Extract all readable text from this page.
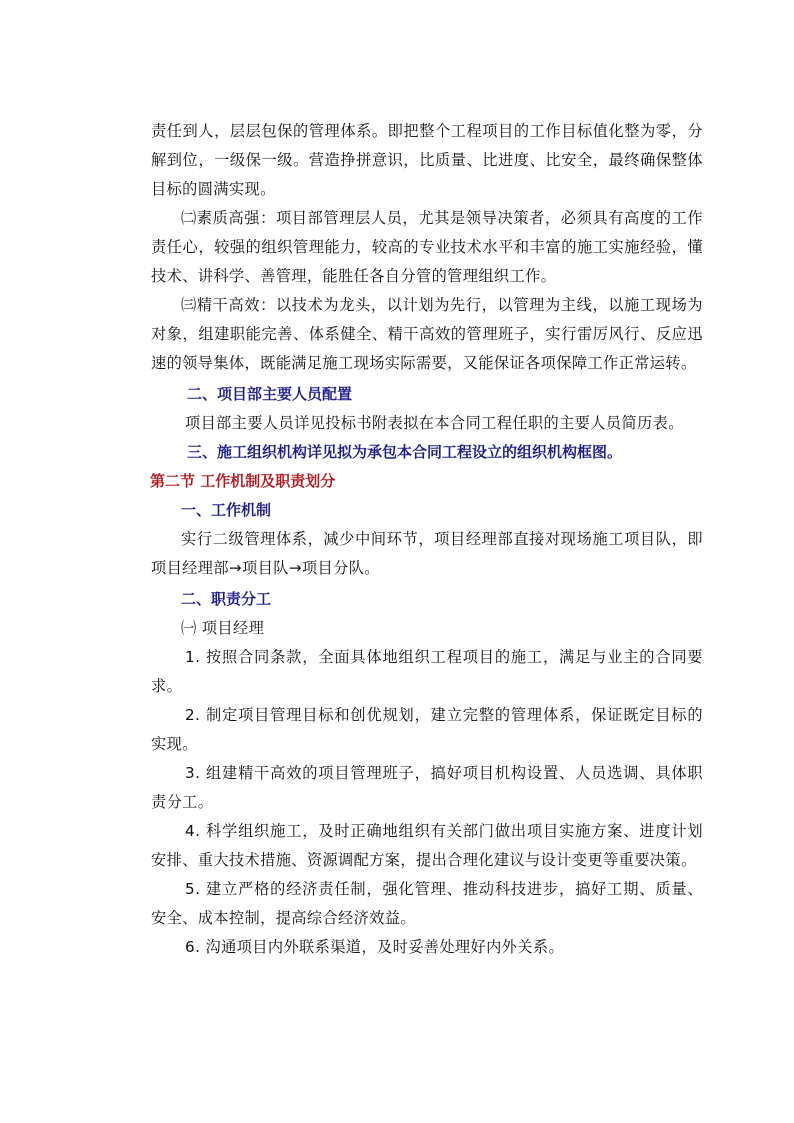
责任到人，层层包保的管理体系。即把整个工程项目的工作目标值化整为零，分解到位，一级保一级。营造挣拼意识，比质量、比进度、比安全，最终确保整体目标的圆满实现。

㈡素质高强：项目部管理层人员，尤其是领导决策者，必须具有高度的工作责任心，较强的组织管理能力，较高的专业技术水平和丰富的施工实施经验，懂技术、讲科学、善管理，能胜任各自分管的管理组织工作。

㈢精干高效：以技术为龙头，以计划为先行，以管理为主线，以施工现场为对象，组建职能完善、体系健全、精干高效的管理班子，实行雷厉风行、反应迅速的领导集体，既能满足施工现场实际需要，又能保证各项保障工作正常运转。

二、项目部主要人员配置

项目部主要人员详见投标书附表拟在本合同工程任职的主要人员简历表。

三、施工组织机构详见拟为承包本合同工程设立的组织机构框图。

第二节 工作机制及职责划分

一、工作机制

实行二级管理体系，减少中间环节，项目经理部直接对现场施工项目队，即项目经理部→项目队→项目分队。

二、职责分工

㈠ 项目经理

1. 按照合同条款，全面具体地组织工程项目的施工，满足与业主的合同要求。

2. 制定项目管理目标和创优规划，建立完整的管理体系，保证既定目标的实现。

3. 组建精干高效的项目管理班子，搞好项目机构设置、人员选调、具体职责分工。

4. 科学组织施工，及时正确地组织有关部门做出项目实施方案、进度计划安排、重大技术措施、资源调配方案，提出合理化建议与设计变更等重要决策。

5. 建立严格的经济责任制，强化管理、推动科技进步，搞好工期、质量、安全、成本控制，提高综合经济效益。

6. 沟通项目内外联系渠道，及时妥善处理好内外关系。
